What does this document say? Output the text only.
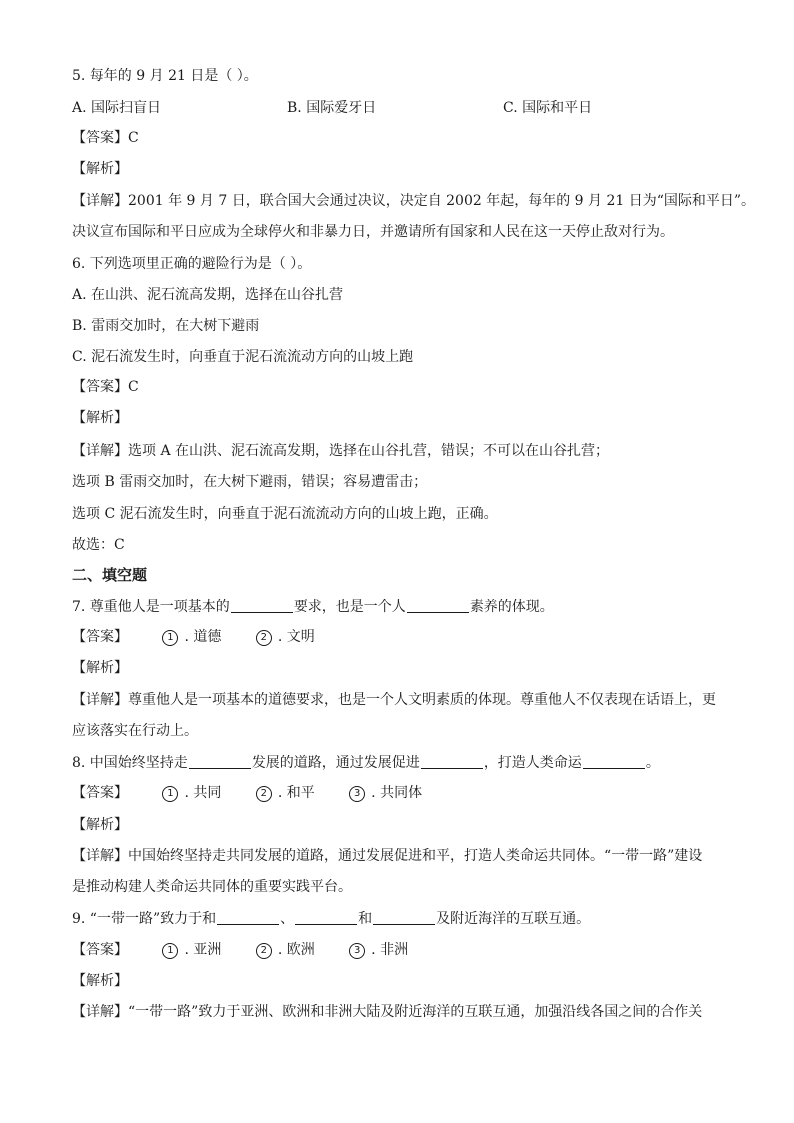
5. 每年的 9 月 21 日是（ ）。
A. 国际扫盲日	B. 国际爱牙日	C. 国际和平日
【答案】C
【解析】
【详解】2001 年 9 月 7 日，联合国大会通过决议，决定自 2002 年起，每年的 9 月 21 日为“国际和平日”。
决议宣布国际和平日应成为全球停火和非暴力日，并邀请所有国家和人民在这一天停止敌对行为。
6. 下列选项里正确的避险行为是（ ）。
A. 在山洪、泥石流高发期，选择在山谷扎营
B. 雷雨交加时，在大树下避雨
C. 泥石流发生时，向垂直于泥石流流动方向的山坡上跑
【答案】C
【解析】
【详解】选项 A 在山洪、泥石流高发期，选择在山谷扎营，错误；不可以在山谷扎营；
选项 B 雷雨交加时，在大树下避雨，错误；容易遭雷击；
选项 C 泥石流发生时，向垂直于泥石流流动方向的山坡上跑，正确。
故选：C
二、填空题
7. 尊重他人是一项基本的	要求，也是一个人	素养的体现。
【答案】	1 . 道德	2 . 文明
【解析】
【详解】尊重他人是一项基本的道德要求，也是一个人文明素质的体现。尊重他人不仅表现在话语上，更
应该落实在行动上。
8. 中国始终坚持走	发展的道路，通过发展促进	，打造人类命运	。
【答案】	1 . 共同	2 . 和平	3 . 共同体
【解析】
【详解】中国始终坚持走共同发展的道路，通过发展促进和平，打造人类命运共同体。“一带一路”建设
是推动构建人类命运共同体的重要实践平台。
9. “一带一路”致力于和	、	和	及附近海洋的互联互通。
【答案】	1 . 亚洲	2 . 欧洲	3 . 非洲
【解析】
【详解】“一带一路”致力于亚洲、欧洲和非洲大陆及附近海洋的互联互通，加强沿线各国之间的合作关
